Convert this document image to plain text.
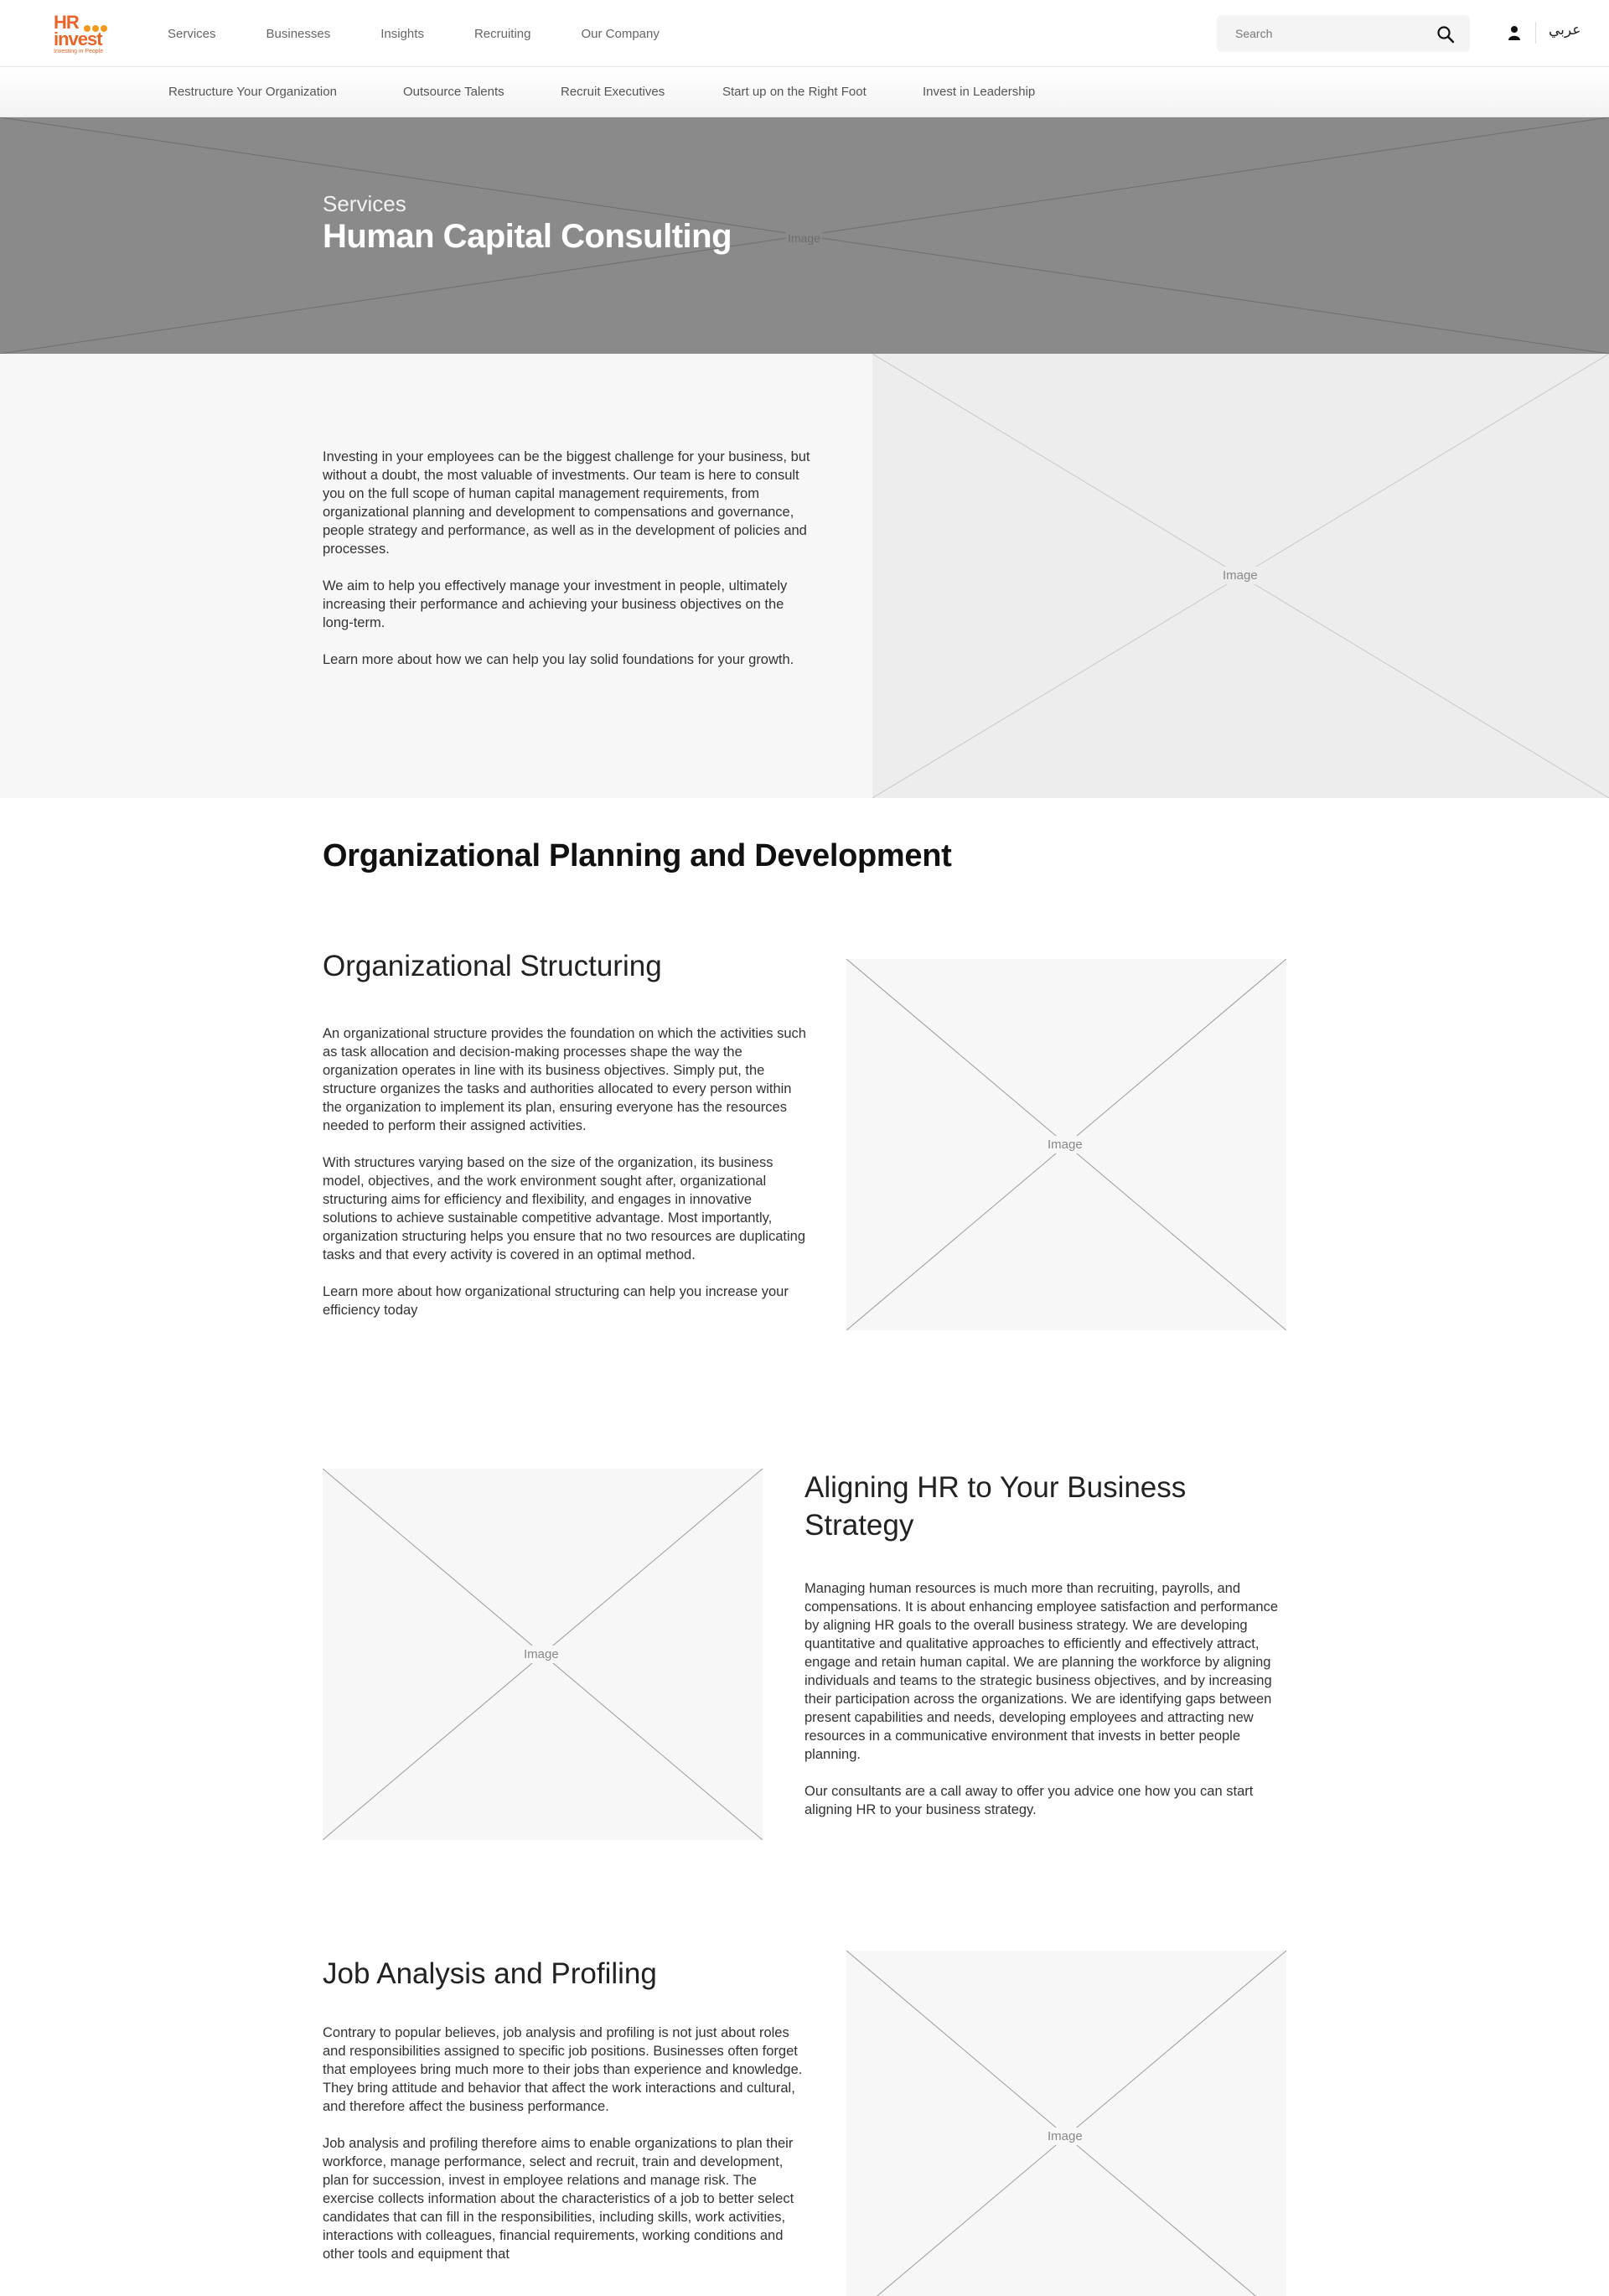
HR
invest
Investing in People
Services	Businesses	Insights	Recruiting	Our Company
Search	عربي
Restructure Your Organization	Outsource Talents	Recruit Executives	Start up on the Right Foot	Invest in Leadership
Image
Services
Human Capital Consulting

Investing in your employees can be the biggest challenge for your business, but without a doubt, the most valuable of investments. Our team is here to consult you on the full scope of human capital management requirements, from organizational planning and development to compensations and governance, people strategy and performance, as well as in the development of policies and processes.

We aim to help you effectively manage your investment in people, ultimately increasing their performance and achieving your business objectives on the long-term.

Learn more about how we can help you lay solid foundations for your growth.

Image
Organizational Planning and Development
Organizational Structuring

An organizational structure provides the foundation on which the activities such as task allocation and decision-making processes shape the way the organization operates in line with its business objectives. Simply put, the structure organizes the tasks and authorities allocated to every person within the organization to implement its plan, ensuring everyone has the resources needed to perform their assigned activities.

With structures varying based on the size of the organization, its business model, objectives, and the work environment sought after, organizational structuring aims for efficiency and flexibility, and engages in innovative solutions to achieve sustainable competitive advantage. Most importantly, organization structuring helps you ensure that no two resources are duplicating tasks and that every activity is covered in an optimal method.

Learn more about how organizational structuring can help you increase your efficiency today

Image
Image
Aligning HR to Your Business Strategy

Managing human resources is much more than recruiting, payrolls, and compensations. It is about enhancing employee satisfaction and performance by aligning HR goals to the overall business strategy. We are developing quantitative and qualitative approaches to efficiently and effectively attract, engage and retain human capital. We are planning the workforce by aligning individuals and teams to the strategic business objectives, and by increasing their participation across the organizations. We are identifying gaps between present capabilities and needs, developing employees and attracting new resources in a communicative environment that invests in better people planning.

Our consultants are a call away to offer you advice one how you can start aligning HR to your business strategy.

Job Analysis and Profiling

Contrary to popular believes, job analysis and profiling is not just about roles and responsibilities assigned to specific job positions. Businesses often forget that employees bring much more to their jobs than experience and knowledge. They bring attitude and behavior that affect the work interactions and cultural, and therefore affect the business performance.

Job analysis and profiling therefore aims to enable organizations to plan their workforce, manage performance, select and recruit, train and development, plan for succession, invest in employee relations and manage risk. The exercise collects information about the characteristics of a job to better select candidates that can fill in the responsibilities, including skills, work activities, interactions with colleagues, financial requirements, working conditions and other tools and equipment that

Image
